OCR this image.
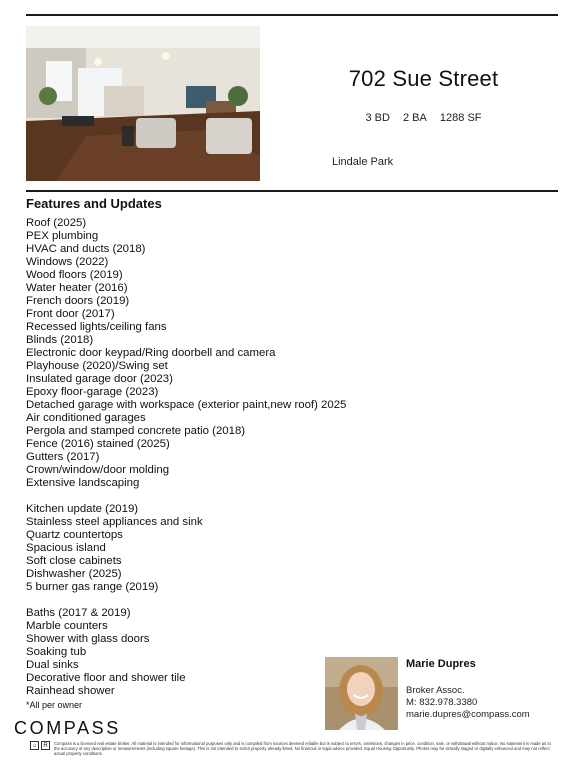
702 Sue Street
3 BD 2 BA 1288 SF
Lindale Park
Features and Updates
Roof (2025)
PEX plumbing
HVAC and ducts (2018)
Windows (2022)
Wood floors (2019)
Water heater (2016)
French doors (2019)
Front door (2017)
Recessed lights/ceiling fans
Blinds (2018)
Electronic door keypad/Ring doorbell and camera
Playhouse (2020)/Swing set
Insulated garage door (2023)
Epoxy floor-garage (2023)
Detached garage with workspace (exterior paint,new roof) 2025
Air conditioned garages
Pergola and stamped concrete patio (2018)
Fence (2016) stained (2025)
Gutters (2017)
Crown/window/door molding
Extensive landscaping
Kitchen update (2019)
Stainless steel appliances and sink
Quartz countertops
Spacious island
Soft close cabinets
Dishwasher (2025)
5 burner gas range (2019)
Baths (2017 & 2019)
Marble counters
Shower with glass doors
Soaking tub
Dual sinks
Decorative floor and shower tile
Rainhead shower
*All per owner
Marie Dupres
Broker Assoc.
M: 832.978.3380
marie.dupres@compass.com
COMPASS
⌂	R	Compass is a licensed real estate broker. All material is intended for informational purposes only and is compiled from sources deemed reliable but is subject to errors, omissions, changes in price, condition, sale, or withdrawal without notice. No statement is made as to the accuracy of any description or measurements (including square footage). This is not intended to solicit property already listed. No financial or legal advice provided. Equal Housing Opportunity. Photos may be virtually staged or digitally enhanced and may not reflect actual property conditions.
